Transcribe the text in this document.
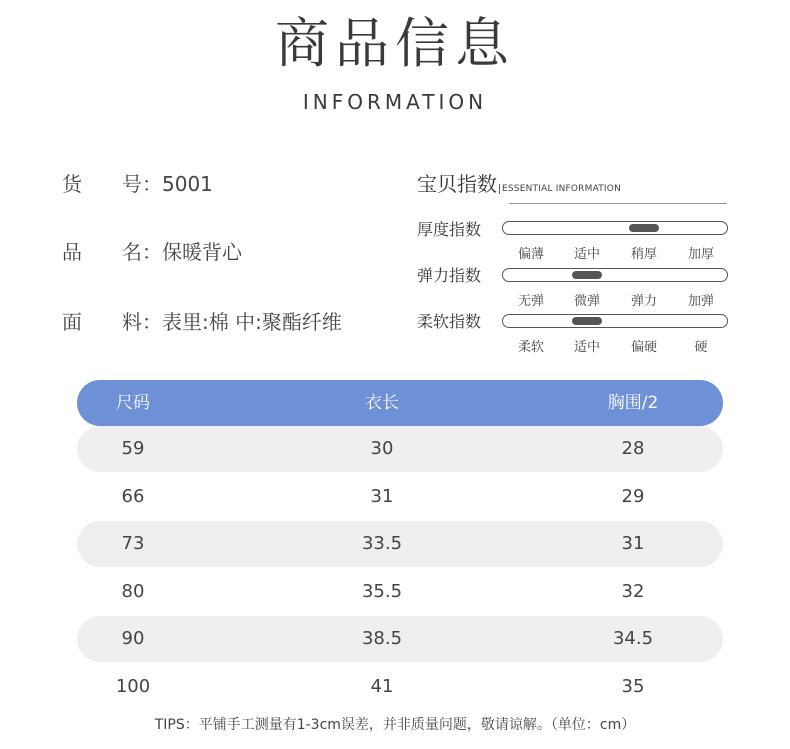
商品信息
INFORMATION
货 号：5001
品 名：保暖背心
面 料：表里:棉 中:聚酯纤维
宝贝指数 ESSENTIAL INFORMATION
厚度指数
偏薄 适中 稍厚 加厚
弹力指数
无弹 微弹 弹力 加弹
柔软指数
柔软 适中 偏硬	硬
尺码	衣长	胸围/2
59	30	28
66	31	29
73	33.5	31
80	35.5	32
90	38.5	34.5
100	41	35
TIPS：平铺手工测量有1-3cm误差，并非质量问题，敬请谅解。（单位：cm）
